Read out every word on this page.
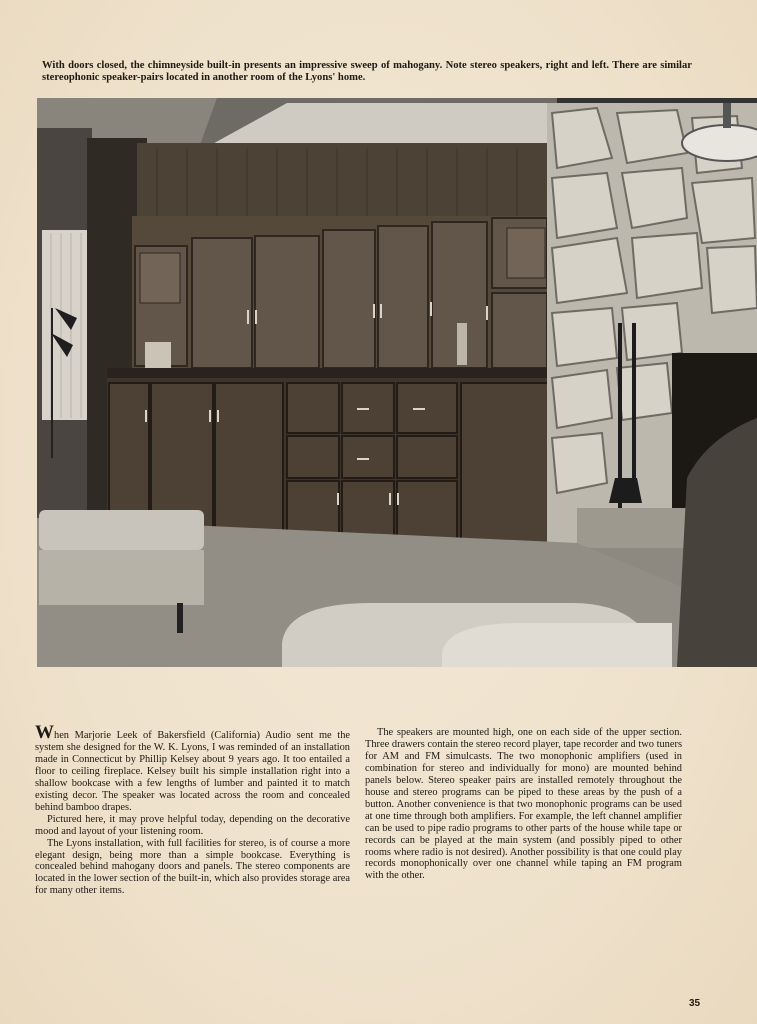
With doors closed, the chimneyside built-in presents an impressive sweep of mahogany. Note stereo speakers, right and left. There are similar stereophonic speaker-pairs located in another room of the Lyons' home.

When Marjorie Leek of Bakersfield (California) Audio sent me the system she designed for the W. K. Lyons, I was reminded of an installation made in Connecticut by Phillip Kelsey about 9 years ago. It too entailed a floor to ceiling fireplace. Kelsey built his simple installation right into a shallow bookcase with a few lengths of lumber and painted it to match existing decor. The speaker was located across the room and concealed behind bamboo drapes.

Pictured here, it may prove helpful today, depending on the decorative mood and layout of your listening room.

The Lyons installation, with full facilities for stereo, is of course a more elegant design, being more than a simple bookcase. Everything is concealed behind mahogany doors and panels. The stereo components are located in the lower section of the built-in, which also provides storage area for many other items.

The speakers are mounted high, one on each side of the upper section. Three drawers contain the stereo record player, tape recorder and two tuners for AM and FM simulcasts. The two monophonic amplifiers (used in combination for stereo and individually for mono) are mounted behind panels below. Stereo speaker pairs are installed remotely throughout the house and stereo programs can be piped to these areas by the push of a button. Another convenience is that two monophonic programs can be used at one time through both amplifiers. For example, the left channel amplifier can be used to pipe radio programs to other parts of the house while tape or records can be played at the main system (and possibly piped to other rooms where radio is not desired). Another possibility is that one could play records monophonically over one channel while taping an FM program with the other.

35
